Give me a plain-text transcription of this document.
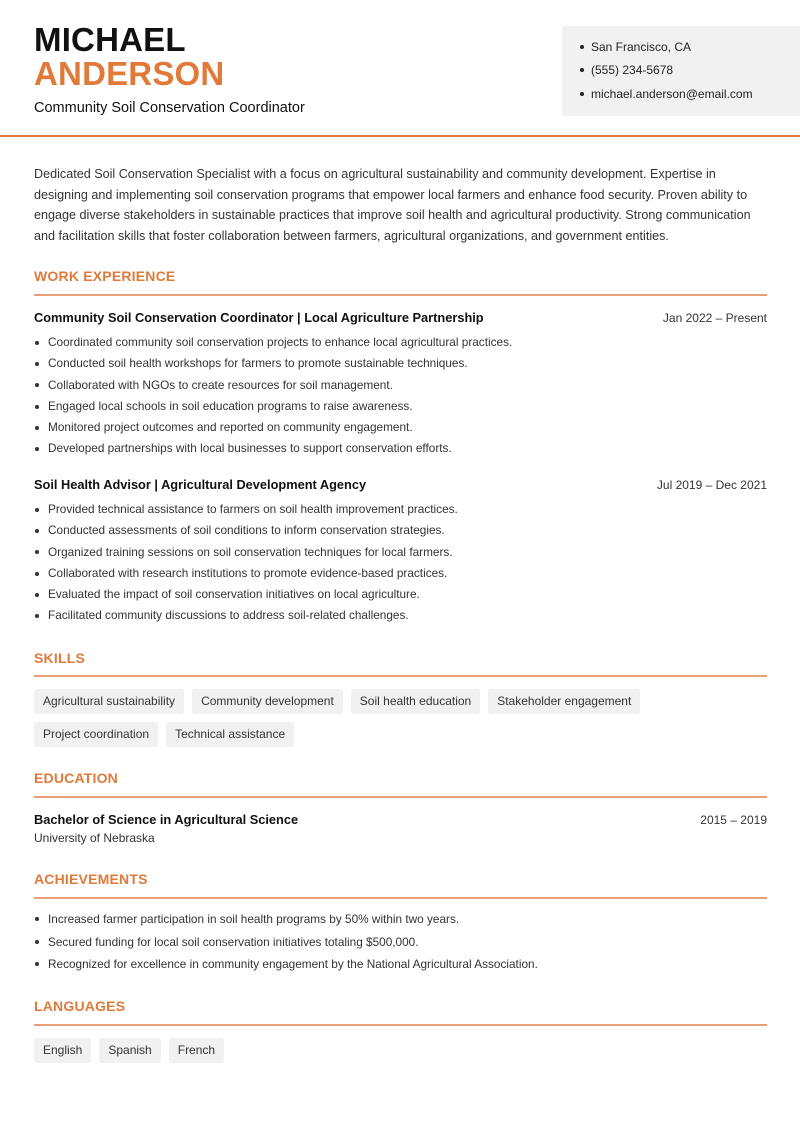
MICHAEL
ANDERSON
Community Soil Conservation Coordinator
San Francisco, CA
(555) 234-5678
michael.anderson@email.com

Dedicated Soil Conservation Specialist with a focus on agricultural sustainability and community development. Expertise in designing and implementing soil conservation programs that empower local farmers and enhance food security. Proven ability to engage diverse stakeholders in sustainable practices that improve soil health and agricultural productivity. Strong communication and facilitation skills that foster collaboration between farmers, agricultural organizations, and government entities.

WORK EXPERIENCE
Community Soil Conservation Coordinator | Local Agriculture Partnership	Jan 2022 – Present
Coordinated community soil conservation projects to enhance local agricultural practices.
Conducted soil health workshops for farmers to promote sustainable techniques.
Collaborated with NGOs to create resources for soil management.
Engaged local schools in soil education programs to raise awareness.
Monitored project outcomes and reported on community engagement.
Developed partnerships with local businesses to support conservation efforts.
Soil Health Advisor | Agricultural Development Agency	Jul 2019 – Dec 2021
Provided technical assistance to farmers on soil health improvement practices.
Conducted assessments of soil conditions to inform conservation strategies.
Organized training sessions on soil conservation techniques for local farmers.
Collaborated with research institutions to promote evidence-based practices.
Evaluated the impact of soil conservation initiatives on local agriculture.
Facilitated community discussions to address soil-related challenges.
SKILLS
Agricultural sustainability	Community development	Soil health education	Stakeholder engagement
Project coordination	Technical assistance
EDUCATION
Bachelor of Science in Agricultural Science	2015 – 2019
University of Nebraska
ACHIEVEMENTS
Increased farmer participation in soil health programs by 50% within two years.
Secured funding for local soil conservation initiatives totaling $500,000.
Recognized for excellence in community engagement by the National Agricultural Association.
LANGUAGES
English	Spanish	French
